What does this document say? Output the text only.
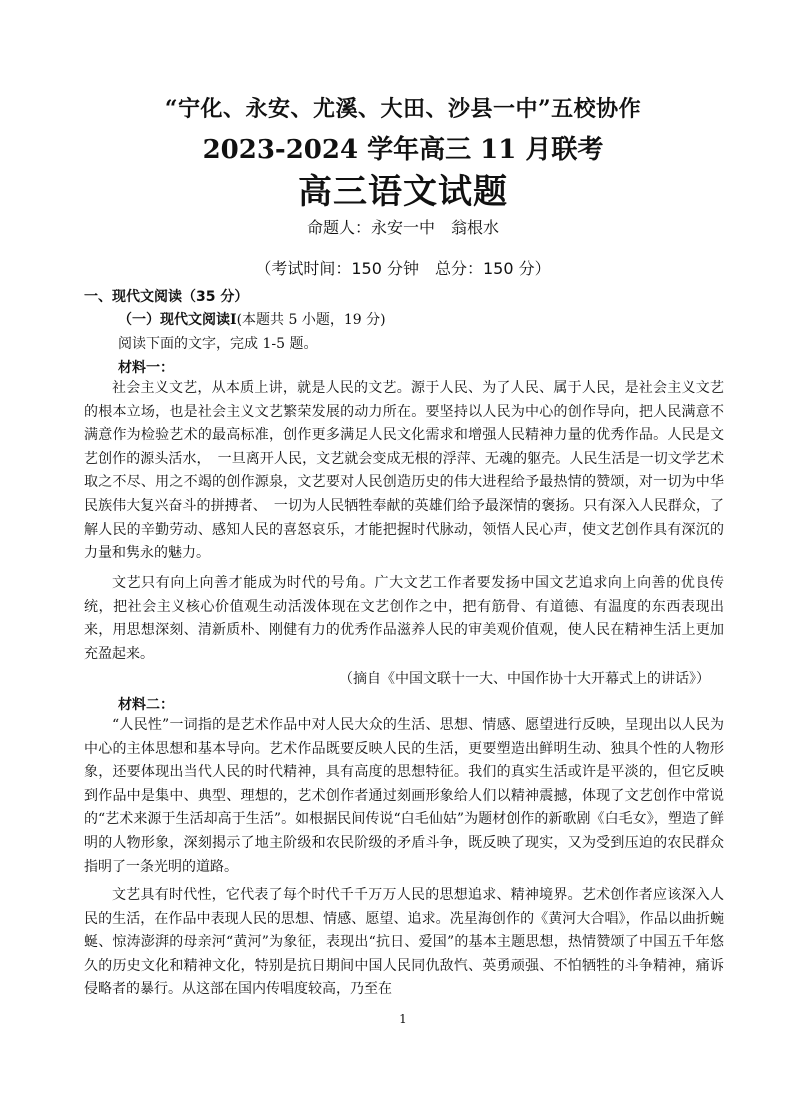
“宁化、永安、尤溪、大田、沙县一中”五校协作
2023-2024 学年高三 11 月联考
高三语文试题
命题人：永安一中　翁根水
（考试时间：150 分钟　总分：150 分）
一、现代文阅读（35 分）
（一）现代文阅读Ⅰ(本题共 5 小题，19 分)
阅读下面的文字，完成 1-5 题。
材料一：

社会主义文艺，从本质上讲，就是人民的文艺。源于人民、为了人民、属于人民，是社会主义文艺的根本立场，也是社会主义文艺繁荣发展的动力所在。要坚持以人民为中心的创作导向，把人民满意不满意作为检验艺术的最高标准，创作更多满足人民文化需求和增强人民精神力量的优秀作品。人民是文艺创作的源头活水，　一旦离开人民，文艺就会变成无根的浮萍、无魂的躯壳。人民生活是一切文学艺术取之不尽、用之不竭的创作源泉，文艺要对人民创造历史的伟大进程给予最热情的赞颂，对一切为中华民族伟大复兴奋斗的拼搏者、　一切为人民牺牲奉献的英雄们给予最深情的褒扬。只有深入人民群众，了解人民的辛勤劳动、感知人民的喜怒哀乐，才能把握时代脉动，领悟人民心声，使文艺创作具有深沉的力量和隽永的魅力。

文艺只有向上向善才能成为时代的号角。广大文艺工作者要发扬中国文艺追求向上向善的优良传统，把社会主义核心价值观生动活泼体现在文艺创作之中，把有筋骨、有道德、有温度的东西表现出来，用思想深刻、清新质朴、刚健有力的优秀作品滋养人民的审美观价值观，使人民在精神生活上更加充盈起来。

（摘自《中国文联十一大、中国作协十大开幕式上的讲话》）
材料二：

“人民性”一词指的是艺术作品中对人民大众的生活、思想、情感、愿望进行反映，呈现出以人民为中心的主体思想和基本导向。艺术作品既要反映人民的生活，更要塑造出鲜明生动、独具个性的人物形象，还要体现出当代人民的时代精神，具有高度的思想特征。我们的真实生活或许是平淡的，但它反映到作品中是集中、典型、理想的，艺术创作者通过刻画形象给人们以精神震撼，体现了文艺创作中常说的“艺术来源于生活却高于生活”。如根据民间传说“白毛仙姑”为题材创作的新歌剧《白毛女》，塑造了鲜明的人物形象，深刻揭示了地主阶级和农民阶级的矛盾斗争，既反映了现实，又为受到压迫的农民群众指明了一条光明的道路。

文艺具有时代性，它代表了每个时代千千万万人民的思想追求、精神境界。艺术创作者应该深入人民的生活，在作品中表现人民的思想、情感、愿望、追求。冼星海创作的《黄河大合唱》，作品以曲折蜿蜒、惊涛澎湃的母亲河“黄河”为象征，表现出“抗日、爱国”的基本主题思想，热情赞颂了中国五千年悠久的历史文化和精神文化，特别是抗日期间中国人民同仇敌忾、英勇顽强、不怕牺牲的斗争精神，痛诉侵略者的暴行。从这部在国内传唱度较高，乃至在

1
